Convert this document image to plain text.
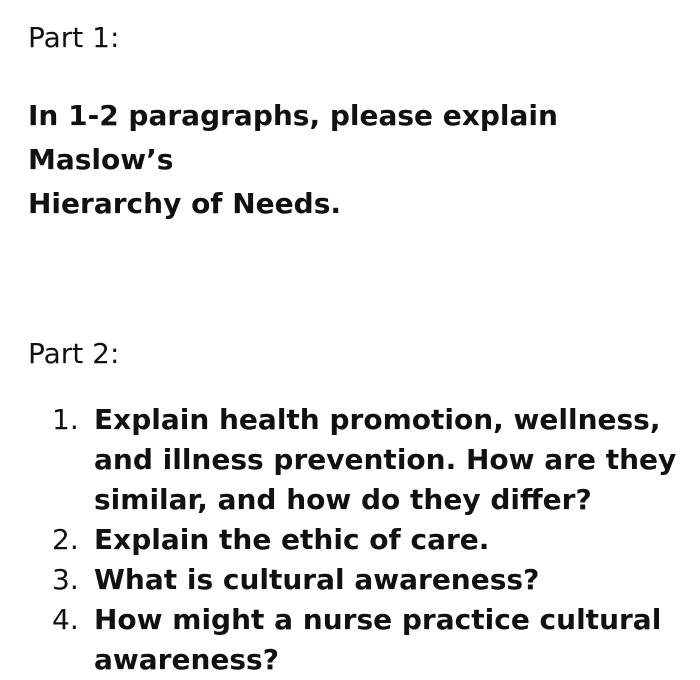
Part 1:

In 1-2 paragraphs, please explain Maslow’s
Hierarchy of Needs.

Part 2:

1. Explain health promotion, wellness,
and illness prevention. How are they
similar, and how do they differ?
2. Explain the ethic of care.
3. What is cultural awareness?
4. How might a nurse practice cultural
awareness?
